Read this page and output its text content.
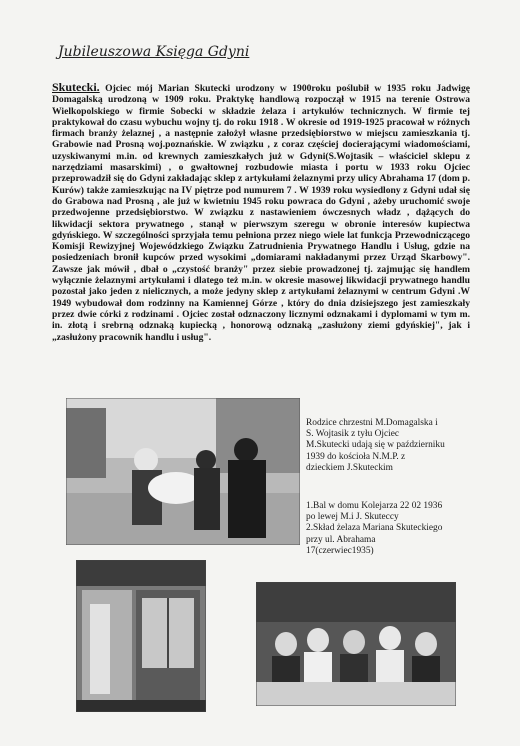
Jubileuszowa Księga Gdyni
Skutecki. Ojciec mój Marian Skutecki urodzony w 1900roku poślubił w 1935 roku Jadwigę Domagalską urodzoną w 1909 roku. Praktykę handlową rozpoczął w 1915 na terenie Ostrowa Wielkopolskiego w firmie Sobecki w składzie żelaza i artykułów technicznych. W firmie tej praktykował do czasu wybuchu wojny tj. do roku 1918 . W okresie od 1919-1925 pracował w różnych firmach branży żelaznej , a następnie założył własne przedsiębiorstwo w miejscu zamieszkania tj. Grabowie nad Prosną woj.poznańskie. W związku , z coraz częściej docierającymi wiadomościami, uzyskiwanymi m.in. od krewnych zamieszkałych już w Gdyni(S.Wojtasik – właściciel sklepu z narzędziami masarskimi) , o gwałtownej rozbudowie miasta i portu w 1933 roku Ojciec przeprowadził się do Gdyni zakładając sklep z artykułami żelaznymi przy ulicy Abrahama 17 (dom p. Kurów) także zamieszkując na IV piętrze pod numurem 7 . W 1939 roku wysiedlony z Gdyni udał się do Grabowa nad Prosną , ale już w kwietniu 1945 roku powraca do Gdyni , ażeby uruchomić swoje przedwojenne przedsiębiorstwo. W związku z nastawieniem ówczesnych władz , dążących do likwidacji sektora prywatnego , stanął w pierwszym szeregu w obronie interesów kupiectwa gdyńskiego. W szczególności sprzyjała temu pełniona przez niego wiele lat funkcja Przewodniczącego Komisji Rewizyjnej Wojewódzkiego Związku Zatrudnienia Prywatnego Handlu i Usług, gdzie na posiedzeniach bronił kupców przed wysokimi „domiarami nakładanymi przez Urząd Skarbowy". Zawsze jak mówił , dbał o „czystość branży" przez siebie prowadzonej tj. zajmując się handlem wyłącznie żelaznymi artykułami i dlatego też m.in. w okresie masowej likwidacji prywatnego handlu pozostał jako jeden z nielicznych, a może jedyny sklep z artykułami żelaznymi w centrum Gdyni .W 1949 wybudował dom rodzinny na Kamiennej Górze , który do dnia dzisiejszego jest zamieszkały przez dwie córki z rodzinami . Ojciec został odznaczony licznymi odznakami i dyplomami w tym m. in. złotą i srebrną odznaką kupiecką , honorową odznaką „zasłużony ziemi gdyńskiej", jak i „zasłużony pracownik handlu i usług".
Rodzice chrzestni M.Domagalska i
S. Wojtasik z tyłu Ojciec
M.Skutecki udają się w październiku
1939 do kościoła N.M.P. z
dzieckiem J.Skuteckim
1.Bal w domu Kolejarza 22 02 1936
po lewej M.i J. Skuteccy
2.Skład żelaza Mariana Skuteckiego
przy ul. Abrahama
17(czerwiec1935)
